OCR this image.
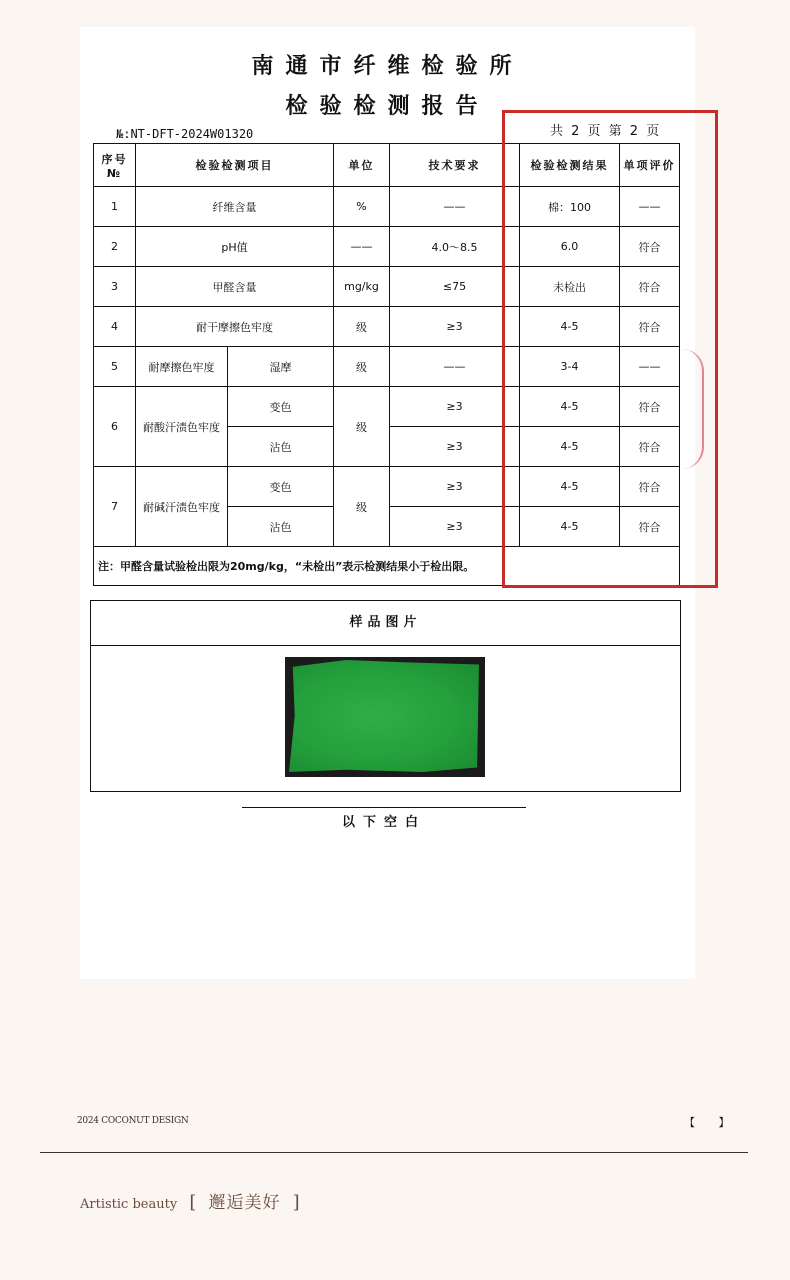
南通市纤维检验所
检验检测报告
№:NT-DFT-2024W01320	共 2 页 第 2 页
序号 №	检验检测项目		单位	技术要求	检验检测结果	单项评价
1	纤维含量		%	——	棉：100	——
2	pH值		——	4.0～8.5	6.0	符合
3	甲醛含量		mg/kg	≤75	未检出	符合
4	耐干摩擦色牢度		级	≥3	4-5	符合
5	耐摩擦色牢度	湿摩	级	——	3-4	——
6	耐酸汗渍色牢度	变色	级	≥3	4-5	符合
		沾色		≥3	4-5	符合
7	耐碱汗渍色牢度	变色	级	≥3	4-5	符合
		沾色		≥3	4-5	符合
注：甲醛含量试验检出限为20mg/kg，“未检出”表示检测结果小于检出限。						
样品图片
以下空白
2024 COCONUT DESIGN	【 】
Artistic beauty [ 邂逅美好 ]
